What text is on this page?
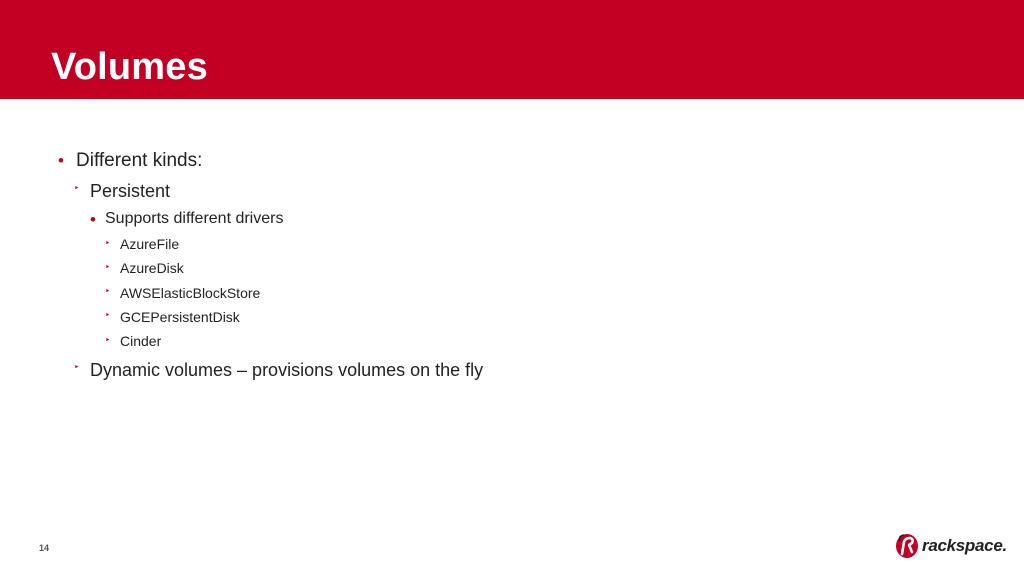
Volumes
• Different kinds:
‣ Persistent
• Supports different drivers
‣ AzureFile
‣ AzureDisk
‣ AWSElasticBlockStore
‣ GCEPersistentDisk
‣ Cinder
‣ Dynamic volumes – provisions volumes on the fly
14	rackspace.
